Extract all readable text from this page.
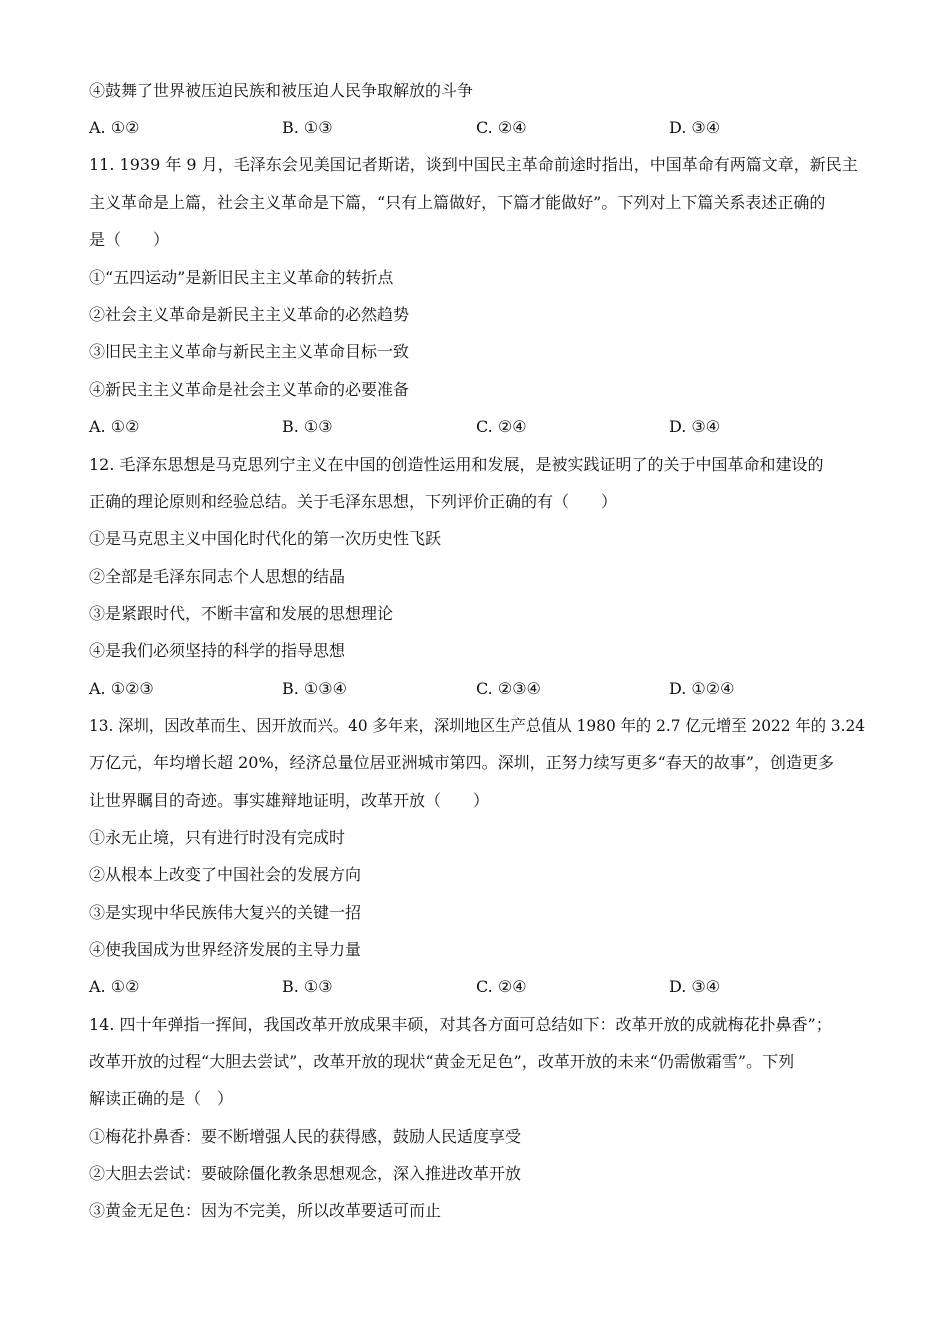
④鼓舞了世界被压迫民族和被压迫人民争取解放的斗争
A. ①②	B. ①③	C. ②④	D. ③④
11. 1939 年 9 月，毛泽东会见美国记者斯诺，谈到中国民主革命前途时指出，中国革命有两篇文章，新民主
主义革命是上篇，社会主义革命是下篇，“只有上篇做好，下篇才能做好”。下列对上下篇关系表述正确的
是（　　）
①“五四运动”是新旧民主主义革命的转折点
②社会主义革命是新民主主义革命的必然趋势
③旧民主主义革命与新民主主义革命目标一致
④新民主主义革命是社会主义革命的必要准备
A. ①②	B. ①③	C. ②④	D. ③④
12. 毛泽东思想是马克思列宁主义在中国的创造性运用和发展，是被实践证明了的关于中国革命和建设的
正确的理论原则和经验总结。关于毛泽东思想，下列评价正确的有（　　）
①是马克思主义中国化时代化的第一次历史性飞跃
②全部是毛泽东同志个人思想的结晶
③是紧跟时代，不断丰富和发展的思想理论
④是我们必须坚持的科学的指导思想
A. ①②③	B. ①③④	C. ②③④	D. ①②④
13. 深圳，因改革而生、因开放而兴。40 多年来，深圳地区生产总值从 1980 年的 2.7 亿元增至 2022 年的 3.24
万亿元，年均增长超 20%，经济总量位居亚洲城市第四。深圳，正努力续写更多“春天的故事”，创造更多
让世界瞩目的奇迹。事实雄辩地证明，改革开放（　　）
①永无止境，只有进行时没有完成时
②从根本上改变了中国社会的发展方向
③是实现中华民族伟大复兴的关键一招
④使我国成为世界经济发展的主导力量
A. ①②	B. ①③	C. ②④	D. ③④
14. 四十年弹指一挥间，我国改革开放成果丰硕，对其各方面可总结如下：改革开放的成就梅花扑鼻香”；
改革开放的过程“大胆去尝试”，改革开放的现状“黄金无足色”，改革开放的未来“仍需傲霜雪”。下列
解读正确的是（　）
①梅花扑鼻香：要不断增强人民的获得感，鼓励人民适度享受
②大胆去尝试：要破除僵化教条思想观念，深入推进改革开放
③黄金无足色：因为不完美，所以改革要适可而止
